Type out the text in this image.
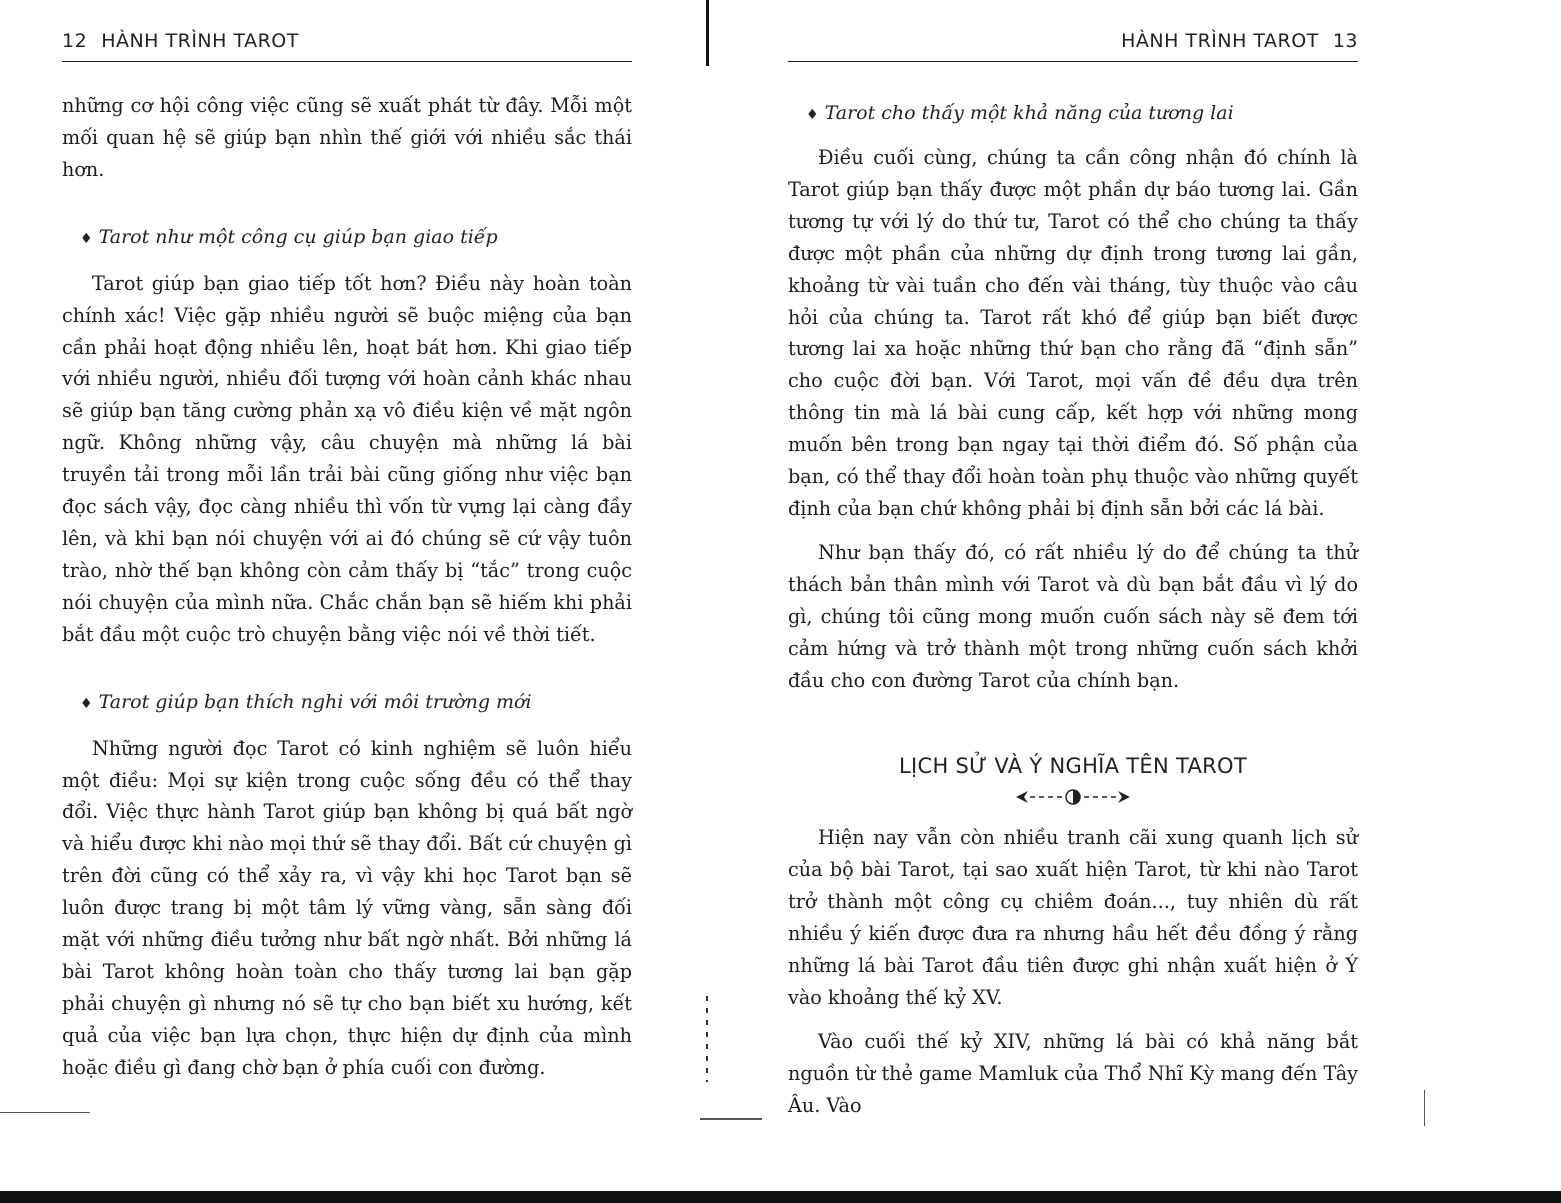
12 HÀNH TRÌNH TAROT

những cơ hội công việc cũng sẽ xuất phát từ đây. Mỗi một mối quan hệ sẽ giúp bạn nhìn thế giới với nhiều sắc thái hơn.

♦ Tarot như một công cụ giúp bạn giao tiếp

Tarot giúp bạn giao tiếp tốt hơn? Điều này hoàn toàn chính xác! Việc gặp nhiều người sẽ buộc miệng của bạn cần phải hoạt động nhiều lên, hoạt bát hơn. Khi giao tiếp với nhiều người, nhiều đối tượng với hoàn cảnh khác nhau sẽ giúp bạn tăng cường phản xạ vô điều kiện về mặt ngôn ngữ. Không những vậy, câu chuyện mà những lá bài truyền tải trong mỗi lần trải bài cũng giống như việc bạn đọc sách vậy, đọc càng nhiều thì vốn từ vựng lại càng đầy lên, và khi bạn nói chuyện với ai đó chúng sẽ cứ vậy tuôn trào, nhờ thế bạn không còn cảm thấy bị “tắc” trong cuộc nói chuyện của mình nữa. Chắc chắn bạn sẽ hiếm khi phải bắt đầu một cuộc trò chuyện bằng việc nói về thời tiết.

♦ Tarot giúp bạn thích nghi với môi trường mới

Những người đọc Tarot có kinh nghiệm sẽ luôn hiểu một điều: Mọi sự kiện trong cuộc sống đều có thể thay đổi. Việc thực hành Tarot giúp bạn không bị quá bất ngờ và hiểu được khi nào mọi thứ sẽ thay đổi. Bất cứ chuyện gì trên đời cũng có thể xảy ra, vì vậy khi học Tarot bạn sẽ luôn được trang bị một tâm lý vững vàng, sẵn sàng đối mặt với những điều tưởng như bất ngờ nhất. Bởi những lá bài Tarot không hoàn toàn cho thấy tương lai bạn gặp phải chuyện gì nhưng nó sẽ tự cho bạn biết xu hướng, kết quả của việc bạn lựa chọn, thực hiện dự định của mình hoặc điều gì đang chờ bạn ở phía cuối con đường.

HÀNH TRÌNH TAROT 13

♦ Tarot cho thấy một khả năng của tương lai

Điều cuối cùng, chúng ta cần công nhận đó chính là Tarot giúp bạn thấy được một phần dự báo tương lai. Gần tương tự với lý do thứ tư, Tarot có thể cho chúng ta thấy được một phần của những dự định trong tương lai gần, khoảng từ vài tuần cho đến vài tháng, tùy thuộc vào câu hỏi của chúng ta. Tarot rất khó để giúp bạn biết được tương lai xa hoặc những thứ bạn cho rằng đã “định sẵn” cho cuộc đời bạn. Với Tarot, mọi vấn đề đều dựa trên thông tin mà lá bài cung cấp, kết hợp với những mong muốn bên trong bạn ngay tại thời điểm đó. Số phận của bạn, có thể thay đổi hoàn toàn phụ thuộc vào những quyết định của bạn chứ không phải bị định sẵn bởi các lá bài.

Như bạn thấy đó, có rất nhiều lý do để chúng ta thử thách bản thân mình với Tarot và dù bạn bắt đầu vì lý do gì, chúng tôi cũng mong muốn cuốn sách này sẽ đem tới cảm hứng và trở thành một trong những cuốn sách khởi đầu cho con đường Tarot của chính bạn.

LỊCH SỬ VÀ Ý NGHĨA TÊN TAROT

Hiện nay vẫn còn nhiều tranh cãi xung quanh lịch sử của bộ bài Tarot, tại sao xuất hiện Tarot, từ khi nào Tarot trở thành một công cụ chiêm đoán..., tuy nhiên dù rất nhiều ý kiến được đưa ra nhưng hầu hết đều đồng ý rằng những lá bài Tarot đầu tiên được ghi nhận xuất hiện ở Ý vào khoảng thế kỷ XV.

Vào cuối thế kỷ XIV, những lá bài có khả năng bắt nguồn từ thẻ game Mamluk của Thổ Nhĩ Kỳ mang đến Tây Âu. Vào
